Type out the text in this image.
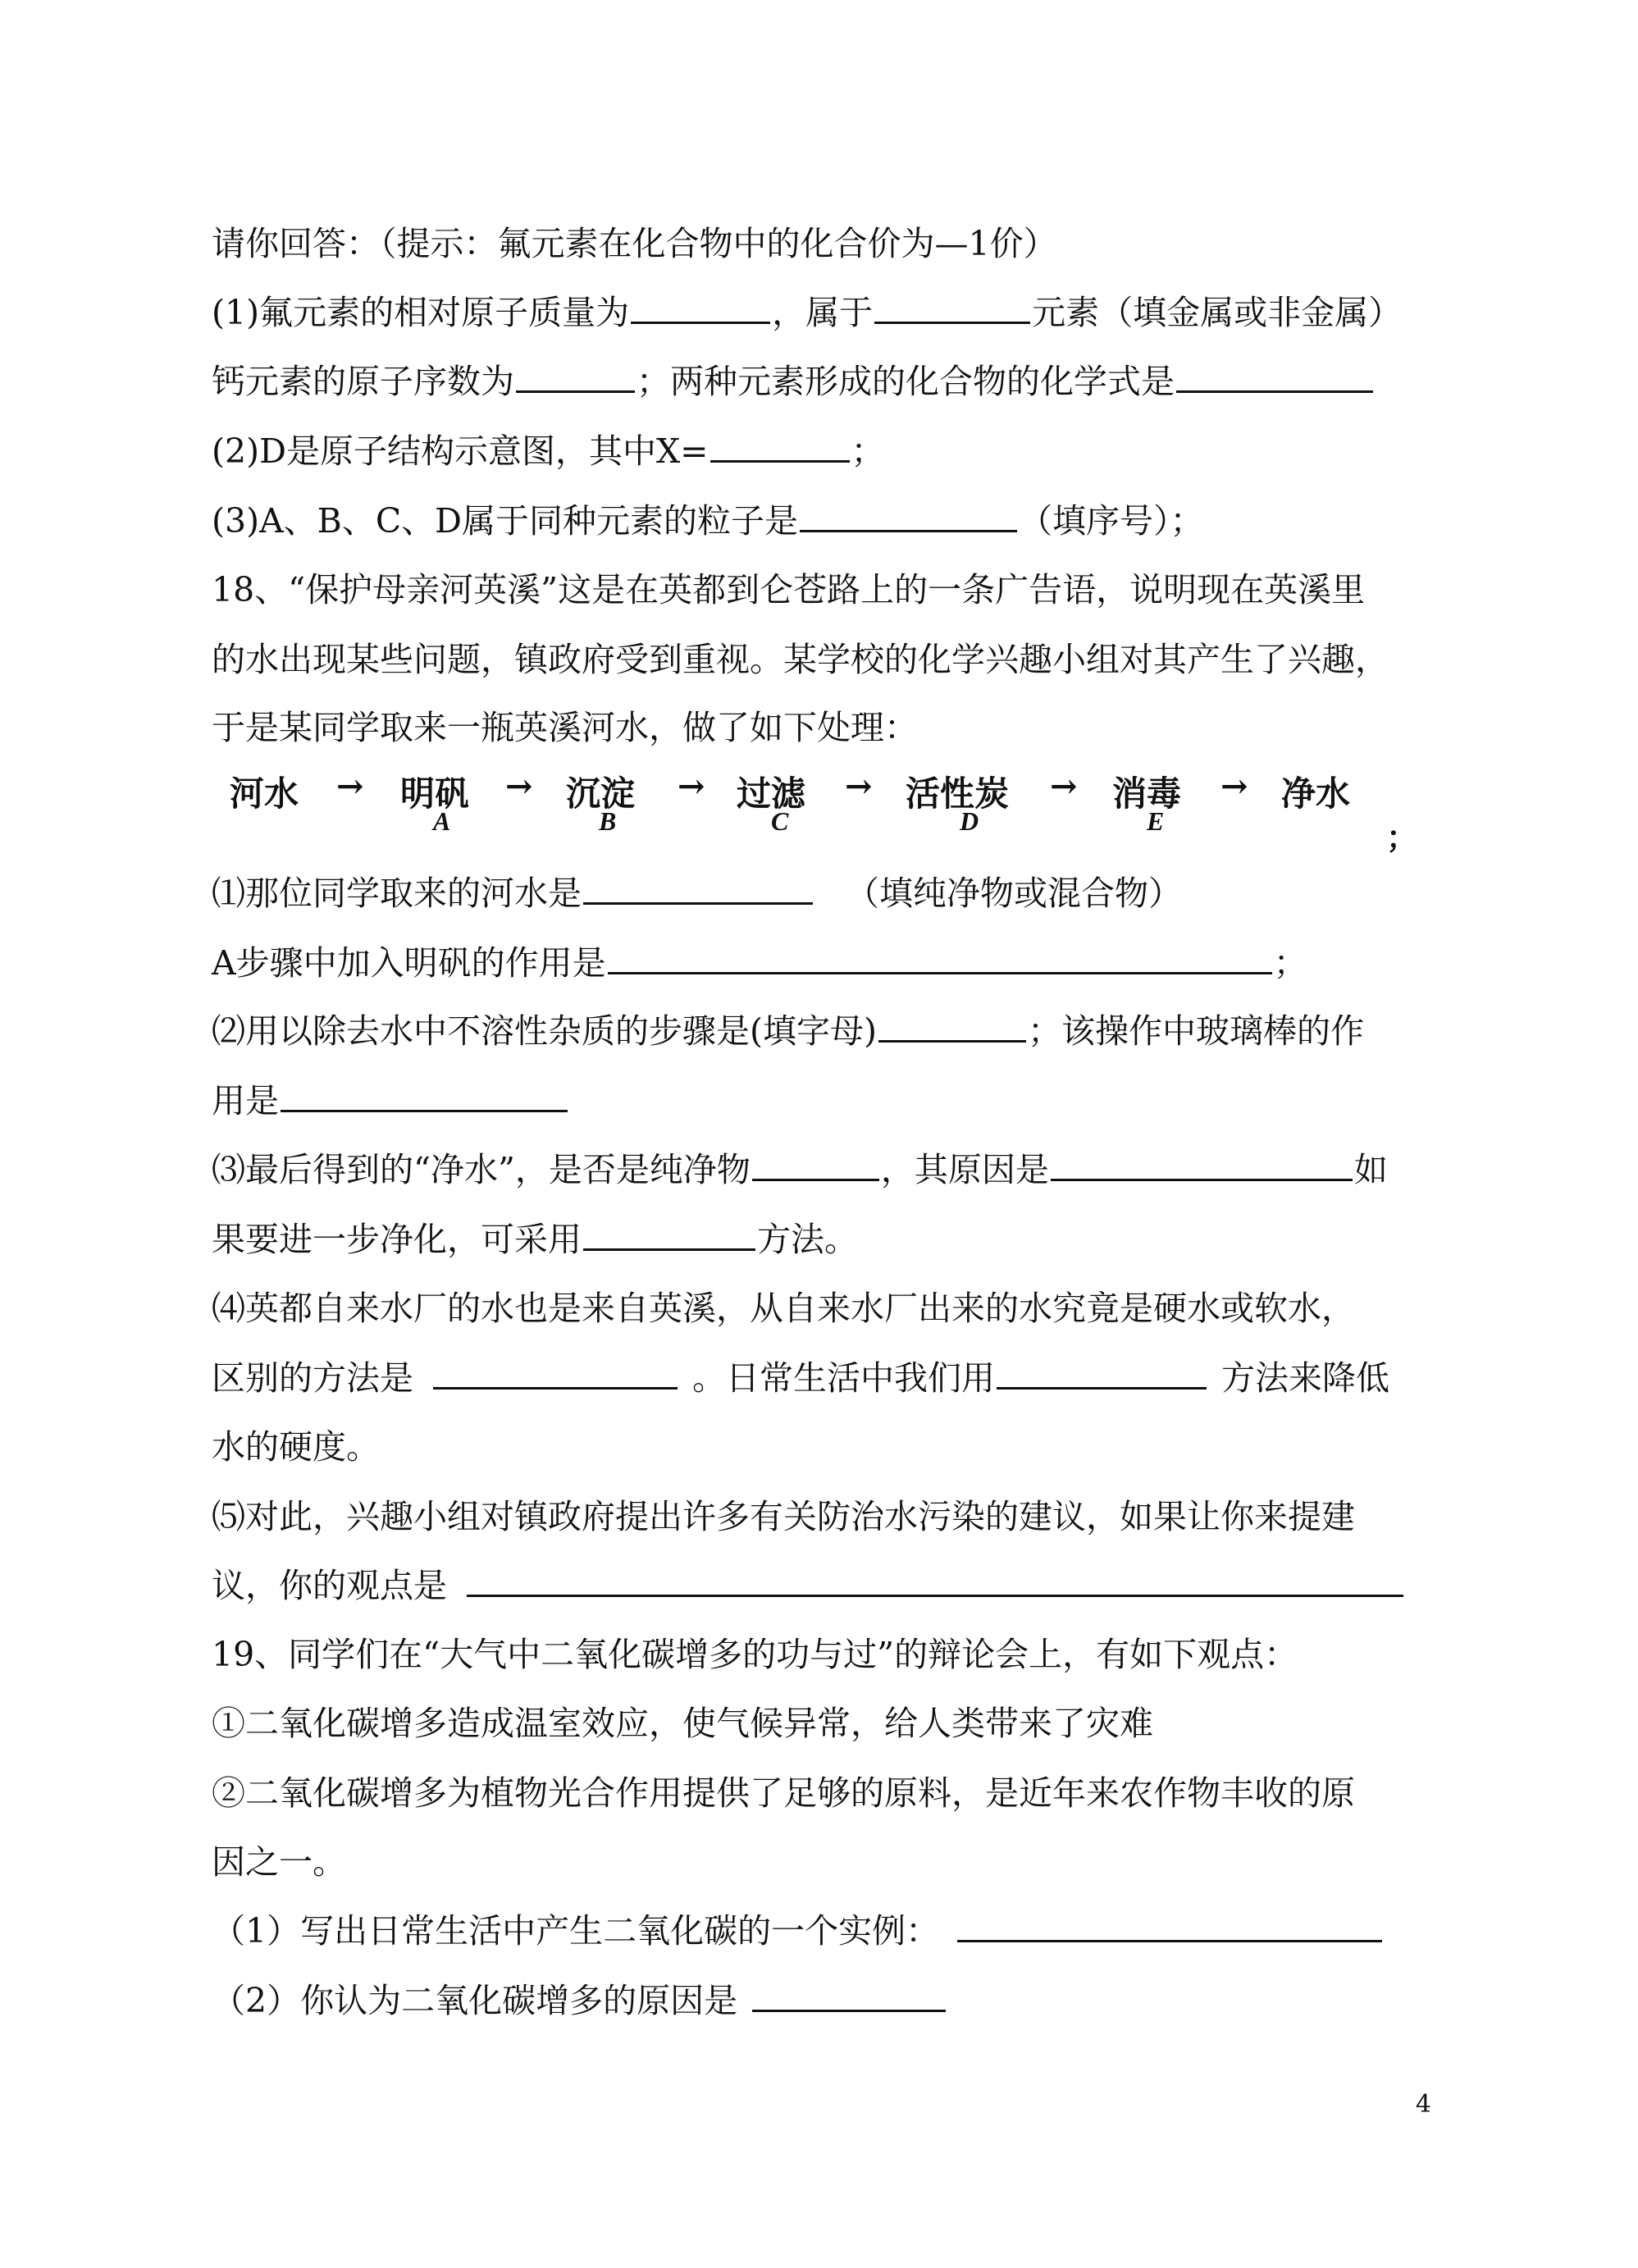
请你回答：（提示：氟元素在化合物中的化合价为—1价）
(1)氟元素的相对原子质量为	，属于	元素（填金属或非金属）
钙元素的原子序数为	；两种元素形成的化合物的化学式是
(2)D是原子结构示意图，其中X=	；
(3)A、B、C、D属于同种元素的粒子是	（填序号）；
18、“保护母亲河英溪”这是在英都到仑苍路上的一条广告语，说明现在英溪里
的水出现某些问题，镇政府受到重视。某学校的化学兴趣小组对其产生了兴趣，
于是某同学取来一瓶英溪河水，做了如下处理：
河水 → 明矾
A
→ 沉淀
B
→ 过滤
C
→ 活性炭
D
→ 消毒
E
→ 净水
；
⑴那位同学取来的河水是	（填纯净物或混合物）
A步骤中加入明矾的作用是	；
⑵用以除去水中不溶性杂质的步骤是(填字母)	；该操作中玻璃棒的作
用是
⑶最后得到的“净水”，是否是纯净物	，其原因是	如
果要进一步净化，可采用	方法。
⑷英都自来水厂的水也是来自英溪，从自来水厂出来的水究竟是硬水或软水，
区别的方法是	。日常生活中我们用	方法来降低
水的硬度。
⑸对此，兴趣小组对镇政府提出许多有关防治水污染的建议，如果让你来提建
议，你的观点是
19、同学们在“大气中二氧化碳增多的功与过”的辩论会上，有如下观点：
①二氧化碳增多造成温室效应，使气候异常，给人类带来了灾难
②二氧化碳增多为植物光合作用提供了足够的原料，是近年来农作物丰收的原
因之一。
（1）写出日常生活中产生二氧化碳的一个实例：
（2）你认为二氧化碳增多的原因是
4
